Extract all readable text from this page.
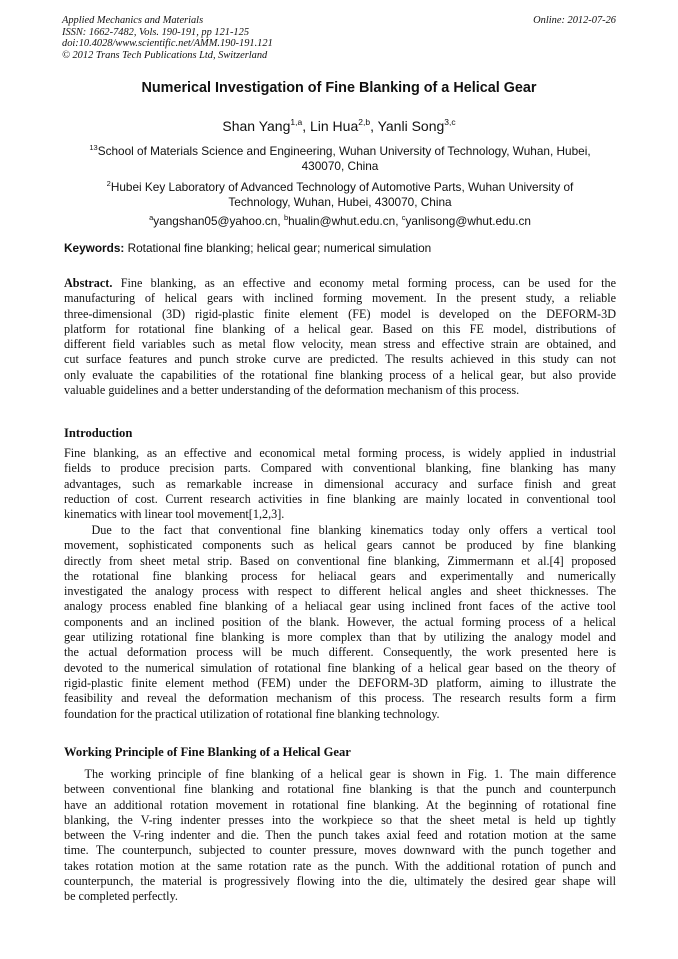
Applied Mechanics and Materials
ISSN: 1662-7482, Vols. 190-191, pp 121-125
doi:10.4028/www.scientific.net/AMM.190-191.121
© 2012 Trans Tech Publications Ltd, Switzerland
Online: 2012-07-26
Numerical Investigation of Fine Blanking of a Helical Gear
Shan Yang$^{1,a}$, Lin Hua$^{2,b}$, Yanli Song$^{3,c}$
$^{13}$School of Materials Science and Engineering, Wuhan University of Technology, Wuhan, Hubei,
430070, China
$^2$Hubei Key Laboratory of Advanced Technology of Automotive Parts, Wuhan University of
Technology, Wuhan, Hubei, 430070, China
$^a$yangshan05@yahoo.cn, $^b$hualin@whut.edu.cn, $^c$yanlisong@whut.edu.cn
Keywords: Rotational fine blanking; helical gear; numerical simulation
Abstract. Fine blanking, as an effective and economy metal forming process, can be used for the
manufacturing of helical gears with inclined forming movement. In the present study, a reliable
three-dimensional (3D) rigid-plastic finite element (FE) model is developed on the DEFORM-3D
platform for rotational fine blanking of a helical gear. Based on this FE model, distributions of
different field variables such as metal flow velocity, mean stress and effective strain are obtained, and
cut surface features and punch stroke curve are predicted. The results achieved in this study can not
only evaluate the capabilities of the rotational fine blanking process of a helical gear, but also provide
valuable guidelines and a better understanding of the deformation mechanism of this process.
Introduction
Fine blanking, as an effective and economical metal forming process, is widely applied in industrial
fields to produce precision parts. Compared with conventional blanking, fine blanking has many
advantages, such as remarkable increase in dimensional accuracy and surface finish and great
reduction of cost. Current research activities in fine blanking are mainly located in conventional tool
kinematics with linear tool movement[1,2,3].
Due to the fact that conventional fine blanking kinematics today only offers a vertical tool
movement, sophisticated components such as helical gears cannot be produced by fine blanking
directly from sheet metal strip. Based on conventional fine blanking, Zimmermann et al.[4] proposed
the rotational fine blanking process for heliacal gears and experimentally and numerically
investigated the analogy process with respect to different helical angles and sheet thicknesses. The
analogy process enabled fine blanking of a heliacal gear using inclined front faces of the active tool
components and an inclined position of the blank. However, the actual forming process of a helical
gear utilizing rotational fine blanking is more complex than that by utilizing the analogy model and
the actual deformation process will be much different. Consequently, the work presented here is
devoted to the numerical simulation of rotational fine blanking of a helical gear based on the theory of
rigid-plastic finite element method (FEM) under the DEFORM-3D platform, aiming to illustrate the
feasibility and reveal the deformation mechanism of this process. The research results form a firm
foundation for the practical utilization of rotational fine blanking technology.
Working Principle of Fine Blanking of a Helical Gear
The working principle of fine blanking of a helical gear is shown in Fig. 1. The main difference
between conventional fine blanking and rotational fine blanking is that the punch and counterpunch
have an additional rotation movement in rotational fine blanking. At the beginning of rotational fine
blanking, the V-ring indenter presses into the workpiece so that the sheet metal is held up tightly
between the V-ring indenter and die. Then the punch takes axial feed and rotation motion at the same
time. The counterpunch, subjected to counter pressure, moves downward with the punch together and
takes rotation motion at the same rotation rate as the punch. With the additional rotation of punch and
counterpunch, the material is progressively flowing into the die, ultimately the desired gear shape will
be completed perfectly.
